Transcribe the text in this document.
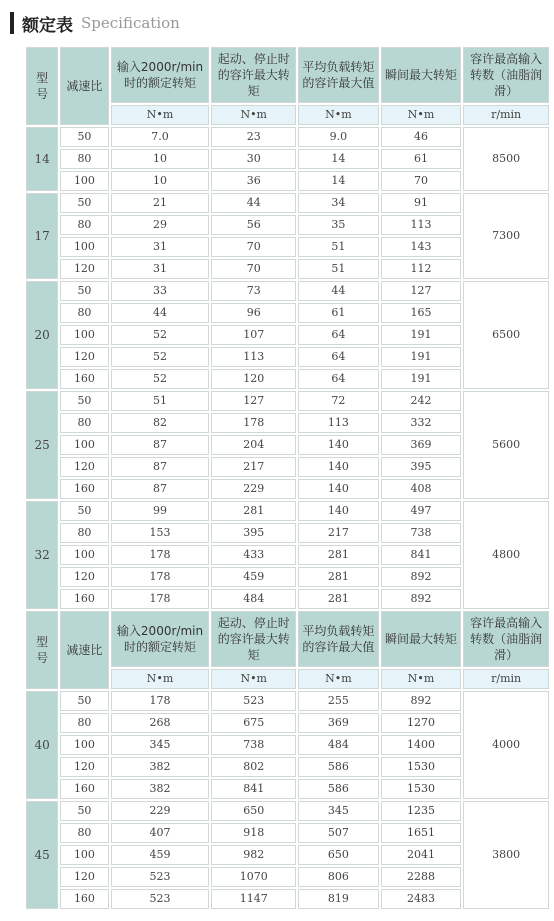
额定表 Specification
型 号	减速比	输入2000r/min时的额定转矩	起动、停止时的容许最大转矩	平均负载转矩的容许最大值	瞬间最大转矩	容许最高输入转数（油脂润滑）
		N•m	N•m	N•m	N•m	r/min
14	50	7.0	23	9.0	46	8500
	80	10	30	14	61	
	100	10	36	14	70	
17	50	21	44	34	91	7300
	80	29	56	35	113	
	100	31	70	51	143	
	120	31	70	51	112	
20	50	33	73	44	127	6500
	80	44	96	61	165	
	100	52	107	64	191	
	120	52	113	64	191	
	160	52	120	64	191	
25	50	51	127	72	242	5600
	80	82	178	113	332	
	100	87	204	140	369	
	120	87	217	140	395	
	160	87	229	140	408	
32	50	99	281	140	497	4800
	80	153	395	217	738	
	100	178	433	281	841	
	120	178	459	281	892	
	160	178	484	281	892	
型 号	减速比	输入2000r/min时的额定转矩	起动、停止时的容许最大转矩	平均负载转矩的容许最大值	瞬间最大转矩	容许最高输入转数（油脂润滑）
		N•m	N•m	N•m	N•m	r/min
40	50	178	523	255	892	4000
	80	268	675	369	1270	
	100	345	738	484	1400	
	120	382	802	586	1530	
	160	382	841	586	1530	
45	50	229	650	345	1235	3800
	80	407	918	507	1651	
	100	459	982	650	2041	
	120	523	1070	806	2288	
	160	523	1147	819	2483	
